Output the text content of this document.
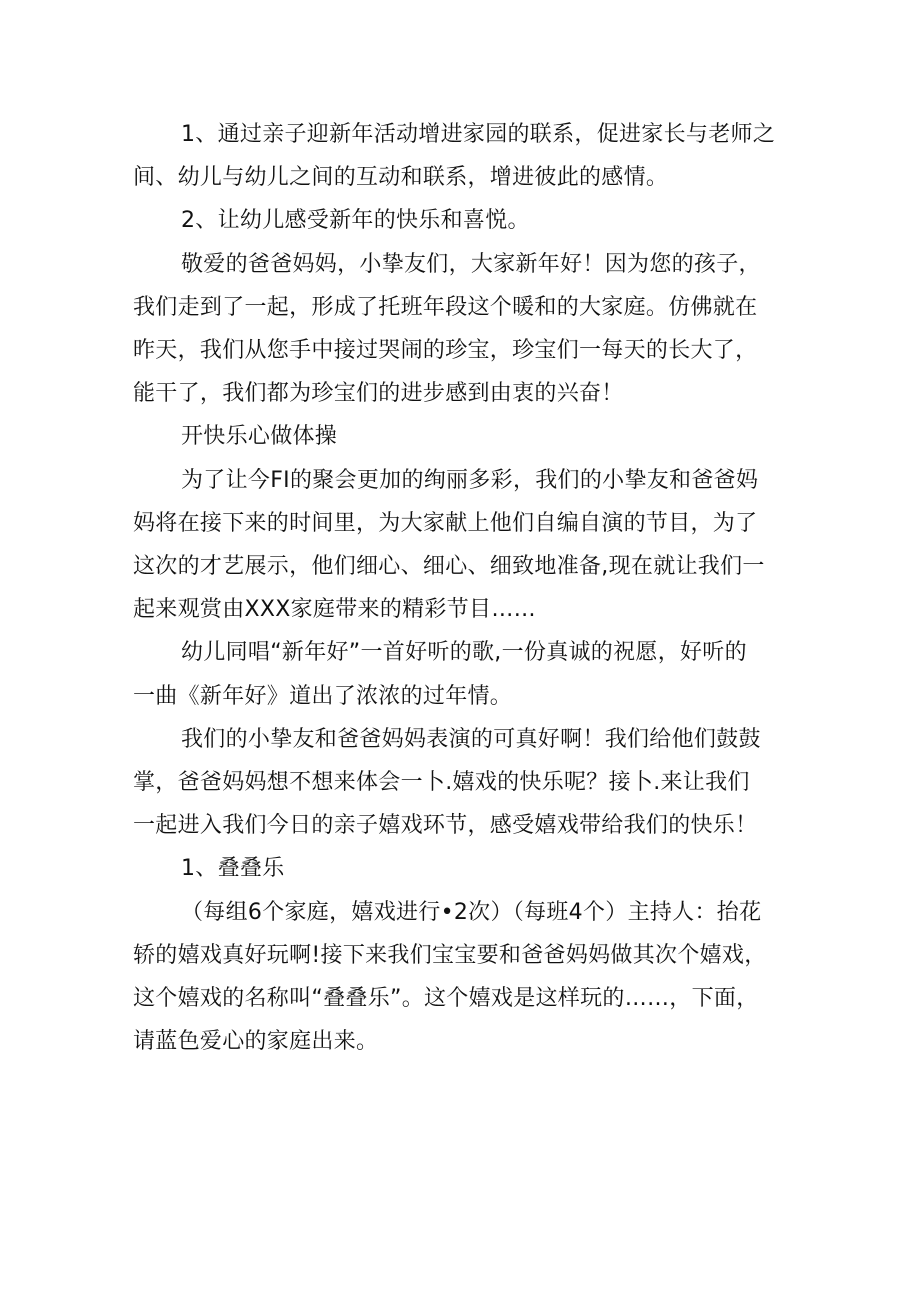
1、通过亲子迎新年活动增进家园的联系，促进家长与老师之
间、幼儿与幼儿之间的互动和联系，增进彼此的感情。
2、让幼儿感受新年的快乐和喜悦。
敬爱的爸爸妈妈，小挚友们，大家新年好！因为您的孩子，
我们走到了一起，形成了托班年段这个暖和的大家庭。仿佛就在
昨天，我们从您手中接过哭闹的珍宝，珍宝们一每天的长大了，
能干了，我们都为珍宝们的进步感到由衷的兴奋！
开快乐心做体操
为了让今FI的聚会更加的绚丽多彩，我们的小挚友和爸爸妈
妈将在接下来的时间里，为大家献上他们自编自演的节目，为了
这次的才艺展示，他们细心、细心、细致地准备,现在就让我们一
起来观赏由XXX家庭带来的精彩节目……
幼儿同唱“新年好”一首好听的歌,一份真诚的祝愿，好听的
一曲《新年好》道出了浓浓的过年情。
我们的小挚友和爸爸妈妈表演的可真好啊！我们给他们鼓鼓
掌，爸爸妈妈想不想来体会一卜.嬉戏的快乐呢？接卜.来让我们
一起进入我们今日的亲子嬉戏环节，感受嬉戏带给我们的快乐！
1、叠叠乐
（每组6个家庭，嬉戏进行•2次）（每班4个）主持人：抬花
轿的嬉戏真好玩啊!接下来我们宝宝要和爸爸妈妈做其次个嬉戏，
这个嬉戏的名称叫“叠叠乐”。这个嬉戏是这样玩的……，下面，
请蓝色爱心的家庭出来。
